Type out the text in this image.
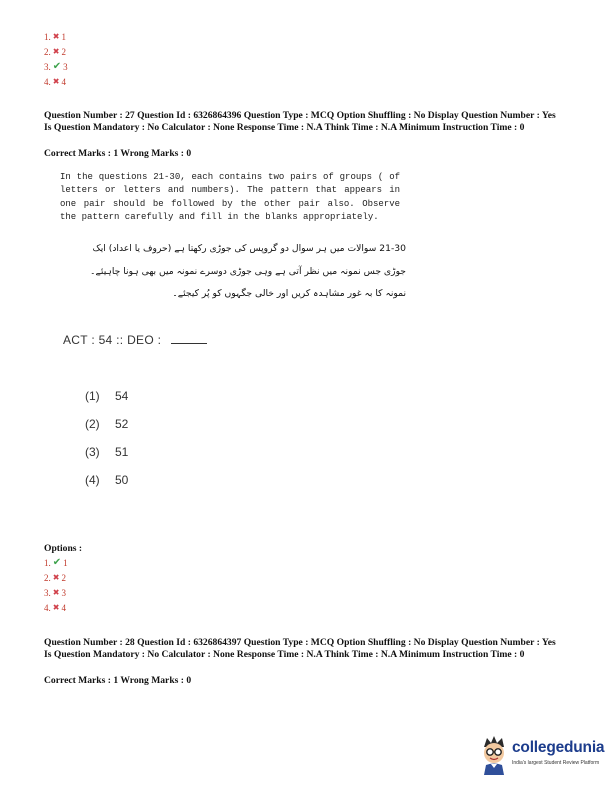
1. ✖ 1
2. ✖ 2
3. ✔ 3
4. ✖ 4
Question Number : 27 Question Id : 6326864396 Question Type : MCQ Option Shuffling : No Display Question Number : Yes Is Question Mandatory : No Calculator : None Response Time : N.A Think Time : N.A Minimum Instruction Time : 0
Correct Marks : 1 Wrong Marks : 0
In the questions 21-30, each contains two pairs of groups ( of letters or letters and numbers). The pattern that appears in one pair should be followed by the other pair also. Observe the pattern carefully and fill in the blanks appropriately.
21-30 سوالات میں ہر سوال دو گروپس کی جوڑی رکھتا ہے (حروف یا اعداد) ایک
جوڑی جس نمونہ میں نظر آتی ہے وہی جوڑی دوسرے نمونہ میں بھی ہونا چاہیئے۔
نمونہ کا بہ غور مشاہدہ کریں اور خالی جگہوں کو پُر کیجئے۔
ACT : 54 :: DEO :
(1) 54
(2) 52
(3) 51
(4) 50
Options :
1. ✔ 1
2. ✖ 2
3. ✖ 3
4. ✖ 4
Question Number : 28 Question Id : 6326864397 Question Type : MCQ Option Shuffling : No Display Question Number : Yes Is Question Mandatory : No Calculator : None Response Time : N.A Think Time : N.A Minimum Instruction Time : 0
Correct Marks : 1 Wrong Marks : 0
collegedunia
India's largest Student Review Platform
